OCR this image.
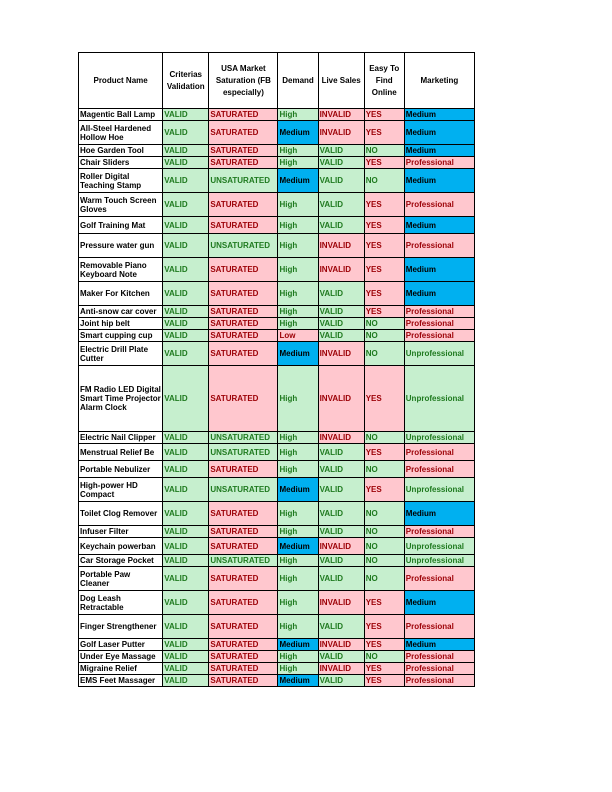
Product Name	Criterias Validation	USA Market Saturation (FB especially)	Demand	Live Sales	Easy To Find Online	Marketing
Magentic Ball Lamp	VALID	SATURATED	High	INVALID	YES	Medium
All-Steel Hardened Hollow Hoe	VALID	SATURATED	Medium	INVALID	YES	Medium
Hoe Garden Tool	VALID	SATURATED	High	VALID	NO	Medium
Chair Sliders	VALID	SATURATED	High	VALID	YES	Professional
Roller Digital Teaching Stamp	VALID	UNSATURATED	Medium	VALID	NO	Medium
Warm Touch Screen Gloves	VALID	SATURATED	High	VALID	YES	Professional
Golf Training Mat	VALID	SATURATED	High	VALID	YES	Medium
Pressure water gun	VALID	UNSATURATED	High	INVALID	YES	Professional
Removable Piano Keyboard Note	VALID	SATURATED	High	INVALID	YES	Medium
Maker For Kitchen	VALID	SATURATED	High	VALID	YES	Medium
Anti-snow car cover	VALID	SATURATED	High	VALID	YES	Professional
Joint hip belt	VALID	SATURATED	High	VALID	NO	Professional
Smart cupping cup	VALID	SATURATED	Low	VALID	NO	Professional
Electric Drill Plate Cutter	VALID	SATURATED	Medium	INVALID	NO	Unprofessional
FM Radio LED Digital Smart Time Projector Alarm Clock	VALID	SATURATED	High	INVALID	YES	Unprofessional
Electric Nail Clipper	VALID	UNSATURATED	High	INVALID	NO	Unprofessional
Menstrual Relief Be	VALID	UNSATURATED	High	VALID	YES	Professional
Portable Nebulizer	VALID	SATURATED	High	VALID	NO	Professional
High-power HD Compact	VALID	UNSATURATED	Medium	VALID	YES	Unprofessional
Toilet Clog Remover	VALID	SATURATED	High	VALID	NO	Medium
Infuser Filter	VALID	SATURATED	High	VALID	NO	Professional
Keychain powerban	VALID	SATURATED	Medium	INVALID	NO	Unprofessional
Car Storage Pocket	VALID	UNSATURATED	High	VALID	NO	Unprofessional
Portable Paw Cleaner	VALID	SATURATED	High	VALID	NO	Professional
Dog Leash Retractable	VALID	SATURATED	High	INVALID	YES	Medium
Finger Strengthener	VALID	SATURATED	High	VALID	YES	Professional
Golf Laser Putter	VALID	SATURATED	Medium	INVALID	YES	Medium
Under Eye Massage	VALID	SATURATED	High	VALID	NO	Professional
Migraine Relief	VALID	SATURATED	High	INVALID	YES	Professional
EMS Feet Massager	VALID	SATURATED	Medium	VALID	YES	Professional
